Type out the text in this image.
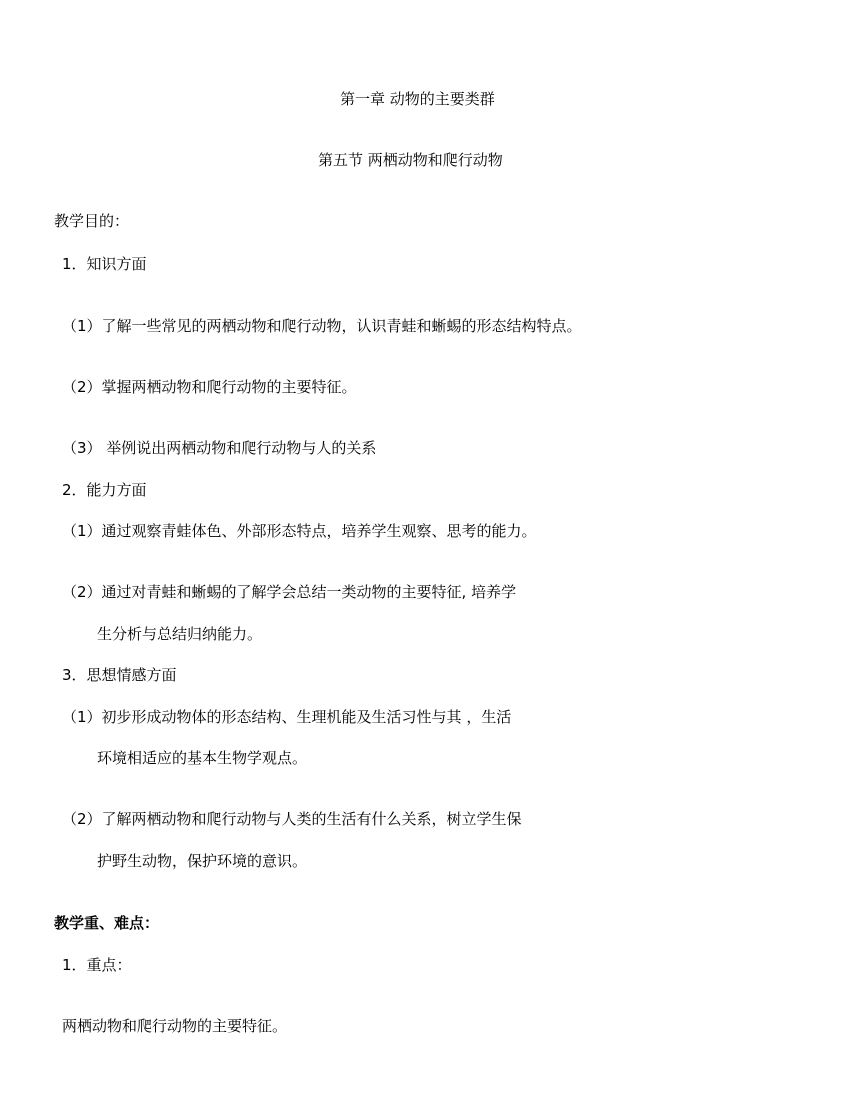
第一章 动物的主要类群
第五节 两栖动物和爬行动物
教学目的：
1．知识方面
（1）了解一些常见的两栖动物和爬行动物，认识青蛙和蜥蜴的形态结构特点。
（2）掌握两栖动物和爬行动物的主要特征。
（3） 举例说出两栖动物和爬行动物与人的关系
2．能力方面
（1）通过观察青蛙体色、外部形态特点，培养学生观察、思考的能力。
（2）通过对青蛙和蜥蜴的了解学会总结一类动物的主要特征, 培养学
生分析与总结归纳能力。
3．思想情感方面
（1）初步形成动物体的形态结构、生理机能及生活习性与其 ，生活
环境相适应的基本生物学观点。
（2）了解两栖动物和爬行动物与人类的生活有什么关系，树立学生保
护野生动物，保护环境的意识。
教学重、难点：
1．重点：
两栖动物和爬行动物的主要特征。
